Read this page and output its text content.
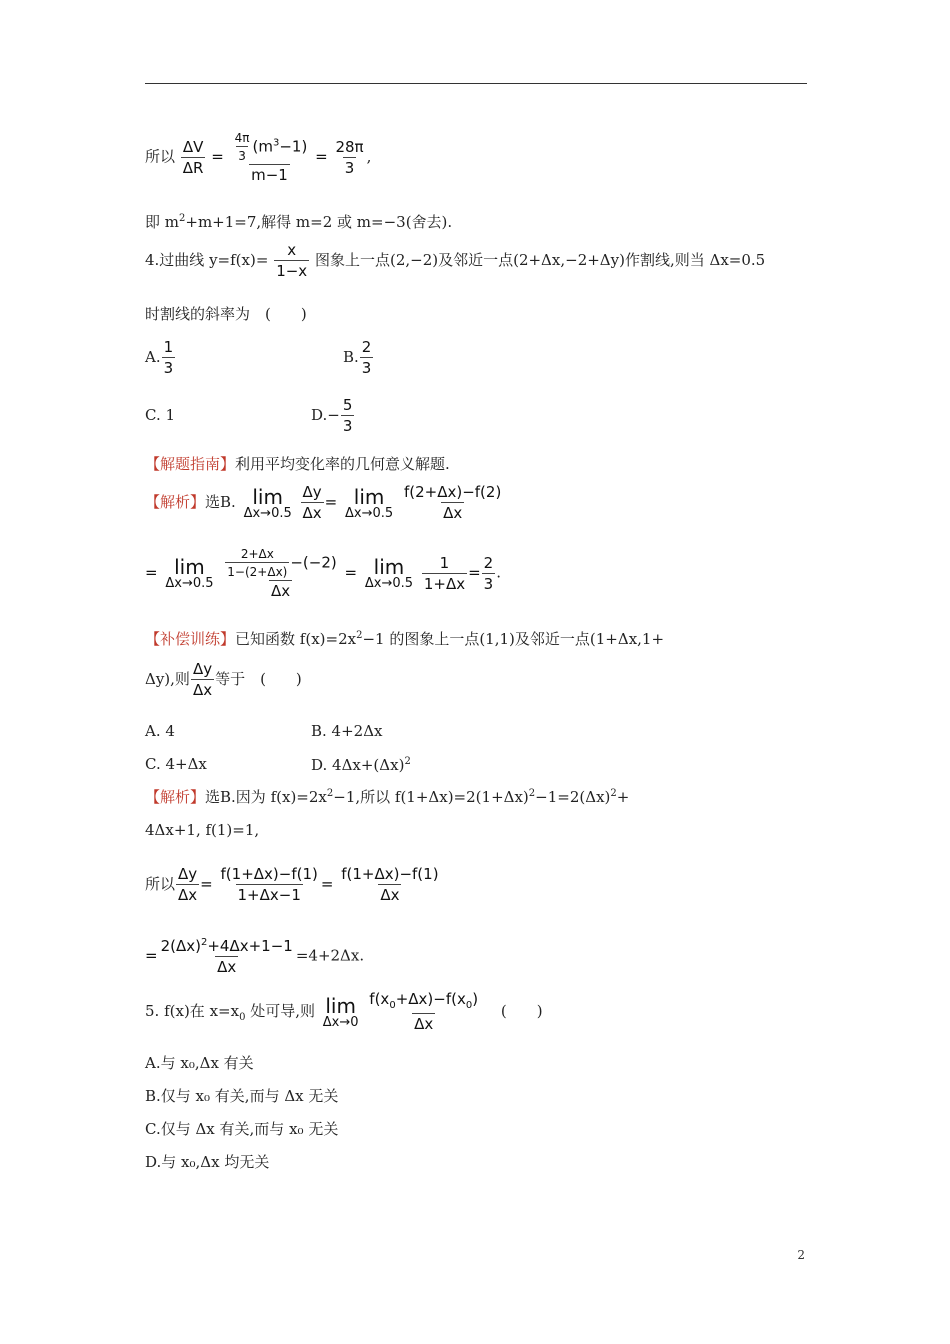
所以 $\frac{\Delta V}{\Delta R} = \frac{\frac{4\pi}{3} (m^3-1)}{m-1} = \frac{28\pi}{3}$ ,
即 $m^2+m+1=7$,解得 m=2 或 m=−3(舍去).
4.过曲线 $y=f(x)= \frac{x}{1-x}$ 图象上一点(2,−2)及邻近一点(2+Δx,−2+Δy)作割线,则当 Δx=0.5
时割线的斜率为　(　　)
A. $\frac{1}{3}$	B. $\frac{2}{3}$
C. 1	$D.- \frac{5}{3}$
【解题指南】利用平均变化率的几何意义解题.
【解析】选B. lim
Δx→0.5
$\frac{\Delta y}{\Delta x} = \lim$
Δx→0.5
$\frac{f(2+\Delta x)-f(2)}{\Delta x}$
= lim
Δx→0.5
$\frac{\frac{2+\Delta x}{1-(2+\Delta x)} -(-2)}{\Delta x} = \lim$
Δx→0.5
$\frac{1}{1+\Delta x} = \frac{2}{3}$ .
【补偿训练】已知函数 $f(x)=2x^2-1$ 的图象上一点(1,1)及邻近一点(1+Δx,1+
Δy),则 $\frac{\Delta y}{\Delta x}$ 等于　(　　)
A. 4	B. 4+2Δx
C. 4+Δx	D. $4\Delta x+(\Delta x)^2$
【解析】选B.因为 $f(x)=2x^2-1$,所以 $f(1+\Delta x)=2(1+\Delta x)^2-1=2(\Delta x)^2+$
4Δx+1, f(1)=1,
所以 $\frac{\Delta y}{\Delta x} = \frac{f(1+\Delta x)-f(1)}{1+\Delta x-1} = \frac{f(1+\Delta x)-f(1)}{\Delta x}$
= $\frac{2(\Delta x)^2+4\Delta x+1-1}{\Delta x} =4+2\Delta x$.
5. f(x)在 $x=x_0$ 处可导,则 lim
Δx→0
$\frac{f(x_0+\Delta x)-f(x_0)}{\Delta x}$ 　(　　)
A.与 x₀,Δx 有关
B.仅与 x₀ 有关,而与 Δx 无关
C.仅与 Δx 有关,而与 x₀ 无关
D.与 x₀,Δx 均无关
2
